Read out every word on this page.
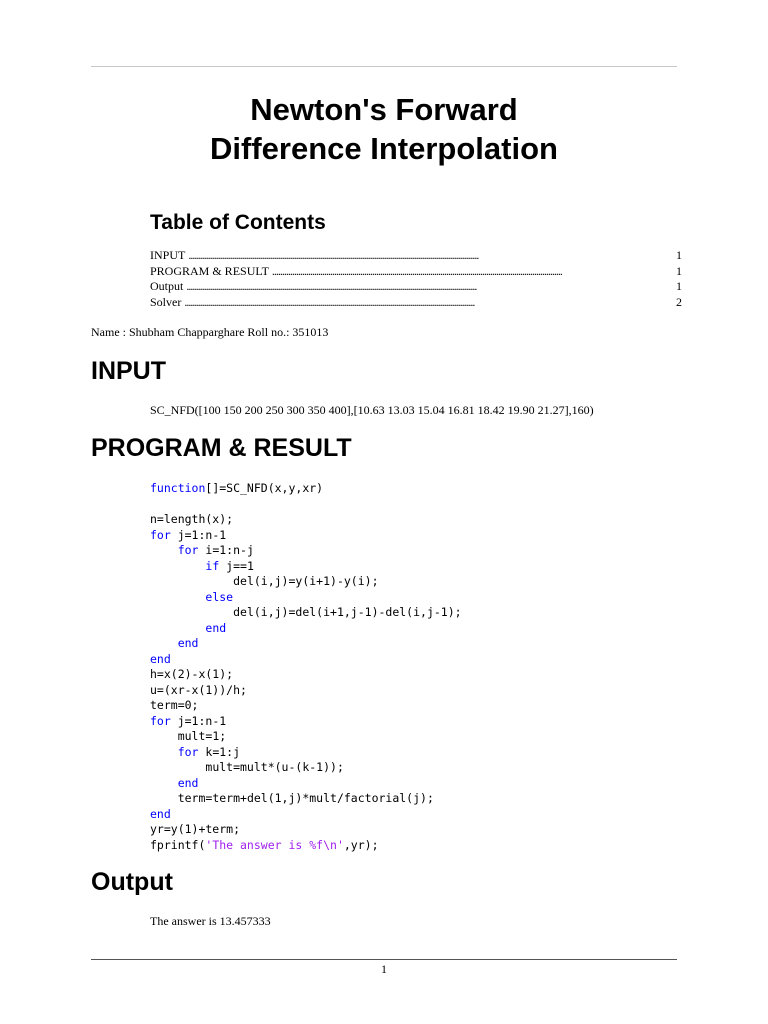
Newton's Forward
Difference Interpolation
Table of Contents
INPUT . . .	1
PROGRAM & RESULT . . .	1
Output . . .	1
Solver . . .	2

Name : Shubham Chapparghare Roll no.: 351013

INPUT

SC_NFD([100 150 200 250 300 350 400],[10.63 13.03 15.04 16.81 18.42 19.90 21.27],160)

PROGRAM & RESULT
function[]=SC_NFD(x,y,xr)
n=length(x);
for j=1:n-1
for i=1:n-j
if j==1
del(i,j)=y(i+1)-y(i);
else
del(i,j)=del(i+1,j-1)-del(i,j-1);
end
end
end
h=x(2)-x(1);
u=(xr-x(1))/h;
term=0;
for j=1:n-1
mult=1;
for k=1:j
mult=mult*(u-(k-1));
end
term=term+del(1,j)*mult/factorial(j);
end
yr=y(1)+term;
fprintf('The answer is %f\n',yr);
Output

The answer is 13.457333

1
